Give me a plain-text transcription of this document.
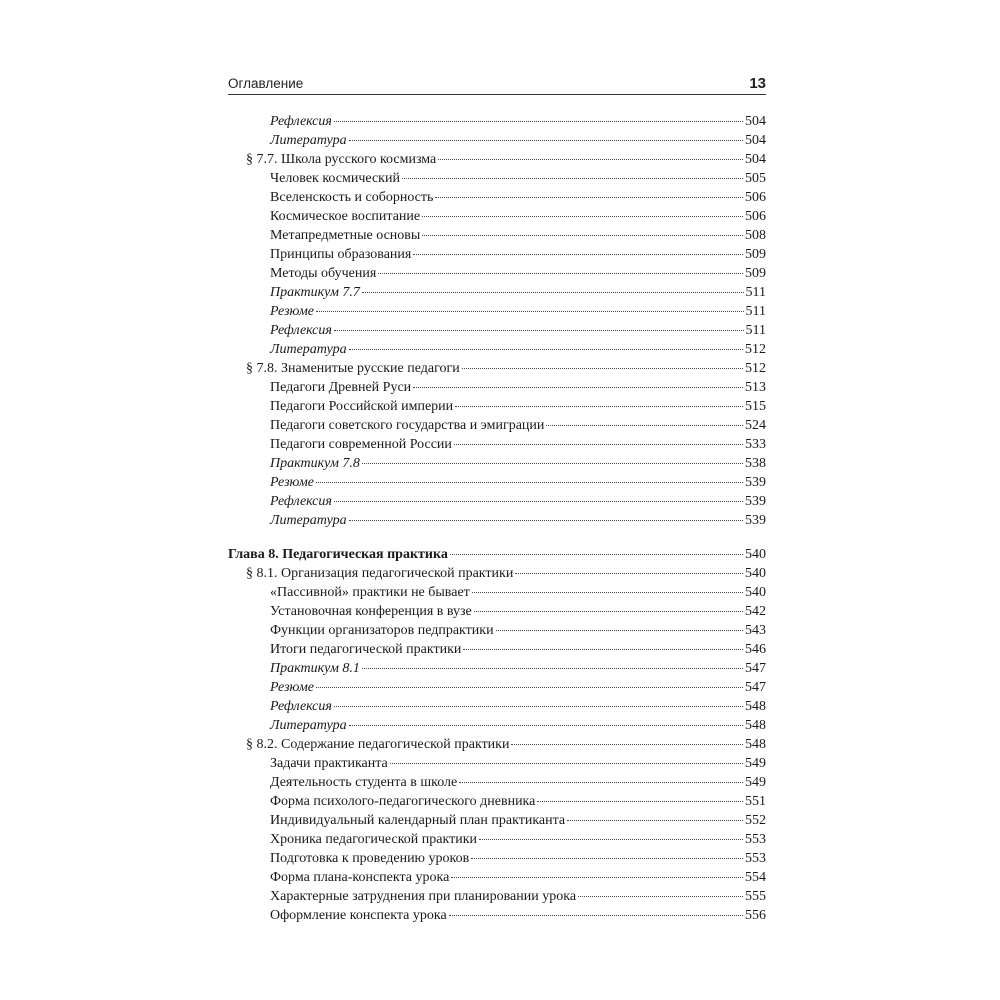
Оглавление	13
Рефлексия	504
Литература	504
§ 7.7. Школа русского космизма	504
Человек космический	505
Вселенскость и соборность	506
Космическое воспитание	506
Метапредметные основы	508
Принципы образования	509
Методы обучения	509
Практикум 7.7	511
Резюме	511
Рефлексия	511
Литература	512
§ 7.8. Знаменитые русские педагоги	512
Педагоги Древней Руси	513
Педагоги Российской империи	515
Педагоги советского государства и эмиграции	524
Педагоги современной России	533
Практикум 7.8	538
Резюме	539
Рефлексия	539
Литература	539
Глава 8. Педагогическая практика	540
§ 8.1. Организация педагогической практики	540
«Пассивной» практики не бывает	540
Установочная конференция в вузе	542
Функции организаторов педпрактики	543
Итоги педагогической практики	546
Практикум 8.1	547
Резюме	547
Рефлексия	548
Литература	548
§ 8.2. Содержание педагогической практики	548
Задачи практиканта	549
Деятельность студента в школе	549
Форма психолого-педагогического дневника	551
Индивидуальный календарный план практиканта	552
Хроника педагогической практики	553
Подготовка к проведению уроков	553
Форма плана-конспекта урока	554
Характерные затруднения при планировании урока	555
Оформление конспекта урока	556
